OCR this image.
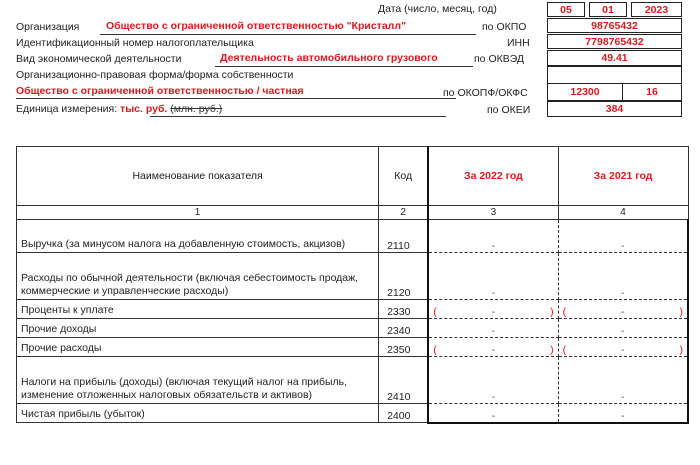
Дата (число, месяц, год)	05	01	2023
Организация	Общество с ограниченной ответственностью "Кристалл"	по ОКПО	98765432
Идентификационный номер налогоплательщика	ИНН	7798765432
Вид экономической деятельности	Деятельность автомобильного грузового	по ОКВЭД	49.41
Организационно-правовая форма/форма собственности
Общество с ограниченной ответственностью / частная	по ОКОПФ/ОКФС	12300	16
Единица измерения: тыс. руб. (млн. руб.)	по ОКЕИ	384
Наименование показателя	Код	За 2022 год	За 2021 год
1	2	3	4
Выручка (за минусом налога на добавленную стоимость, акцизов)	2110	-	-
Расходы по обычной деятельности (включая себестоимость продаж, коммерческие и управленческие расходы)	2120	-	-
Проценты к уплате	2330	( - )	( - )

Прочие доходы	2340	-	-
Прочие расходы	2350	( - )	( - )

Налоги на прибыль (доходы) (включая текущий налог на прибыль, изменение отложенных налоговых обязательств и активов)	2410	-	-
Чистая прибыль (убыток)	2400	-	-
